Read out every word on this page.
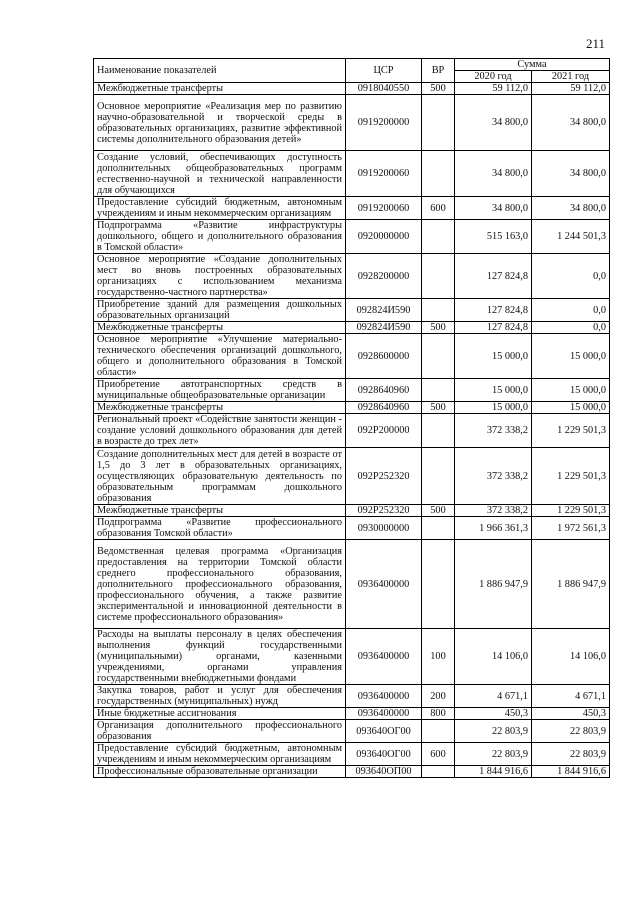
211
Наименование показателей	ЦСР	ВР	Сумма	
			2020 год	2021 год
Межбюджетные трансферты	0918040550	500	59 112,0	59 112,0
Основное мероприятие «Реализация мер по развитию научно-образовательной и творческой среды в образовательных организациях, развитие эффективной системы дополнительного образования детей»	0919200000		34 800,0	34 800,0
Создание условий, обеспечивающих доступность дополнительных общеобразовательных программ естественно-научной и технической направленности для обучающихся	0919200060		34 800,0	34 800,0
Предоставление субсидий бюджетным, автономным учреждениям и иным некоммерческим организациям	0919200060	600	34 800,0	34 800,0
Подпрограмма «Развитие инфраструктуры дошкольного, общего и дополнительного образования в Томской области»	0920000000		515 163,0	1 244 501,3
Основное мероприятие «Создание дополнительных мест во вновь построенных образовательных организациях с использованием механизма государственно-частного партнерства»	0928200000		127 824,8	0,0
Приобретение зданий для размещения дошкольных образовательных организаций	092824И590		127 824,8	0,0
Межбюджетные трансферты	092824И590	500	127 824,8	0,0
Основное мероприятие «Улучшение материально-технического обеспечения организаций дошкольного, общего и дополнительного образования в Томской области»	0928600000		15 000,0	15 000,0
Приобретение автотранспортных средств в муниципальные общеобразовательные организации	0928640960		15 000,0	15 000,0
Межбюджетные трансферты	0928640960	500	15 000,0	15 000,0
Региональный проект «Содействие занятости женщин - создание условий дошкольного образования для детей в возрасте до трех лет»	092P200000		372 338,2	1 229 501,3
Создание дополнительных мест для детей в возрасте от 1,5 до 3 лет в образовательных организациях, осуществляющих образовательную деятельность по образовательным программам дошкольного образования	092P252320		372 338,2	1 229 501,3
Межбюджетные трансферты	092P252320	500	372 338,2	1 229 501,3
Подпрограмма «Развитие профессионального образования Томской области»	0930000000		1 966 361,3	1 972 561,3
Ведомственная целевая программа «Организация предоставления на территории Томской области среднего профессионального образования, дополнительного профессионального образования, профессионального обучения, а также развитие экспериментальной и инновационной деятельности в системе профессионального образования»	0936400000		1 886 947,9	1 886 947,9
Расходы на выплаты персоналу в целях обеспечения выполнения функций государственными (муниципальными) органами, казенными учреждениями, органами управления государственными внебюджетными фондами	0936400000	100	14 106,0	14 106,0
Закупка товаров, работ и услуг для обеспечения государственных (муниципальных) нужд	0936400000	200	4 671,1	4 671,1
Иные бюджетные ассигнования	0936400000	800	450,3	450,3
Организация дополнительного профессионального образования	093640ОГ00		22 803,9	22 803,9
Предоставление субсидий бюджетным, автономным учреждениям и иным некоммерческим организациям	093640ОГ00	600	22 803,9	22 803,9
Профессиональные образовательные организации	093640ОП00		1 844 916,6	1 844 916,6
